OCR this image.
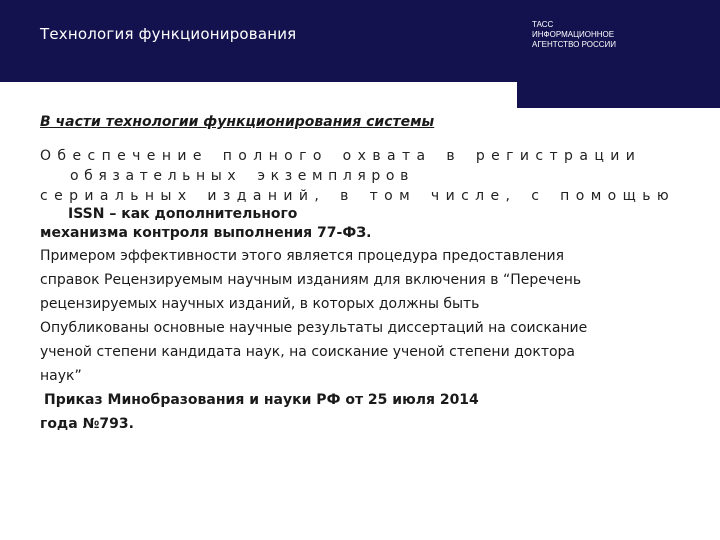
Технология функционирования
ТАСС
ИНФОРМАЦИОННОЕ
АГЕНТСТВО РОССИИ

В части технологии функционирования системы

Обеспечение полного охвата в регистрации

обязательных экземпляров

сериальных изданий, в том числе, с помощью

ISSN – как дополнительного

механизма контроля выполнения 77-ФЗ.

Примером эффективности этого является процедура предоставления

справок Рецензируемым научным изданиям для включения в “Перечень

рецензируемых научных изданий, в которых должны быть

Опубликованы основные научные результаты диссертаций на соискание

ученой степени кандидата наук, на соискание ученой степени доктора

наук”

Приказ Минобразования и науки РФ от 25 июля 2014
года №793.
